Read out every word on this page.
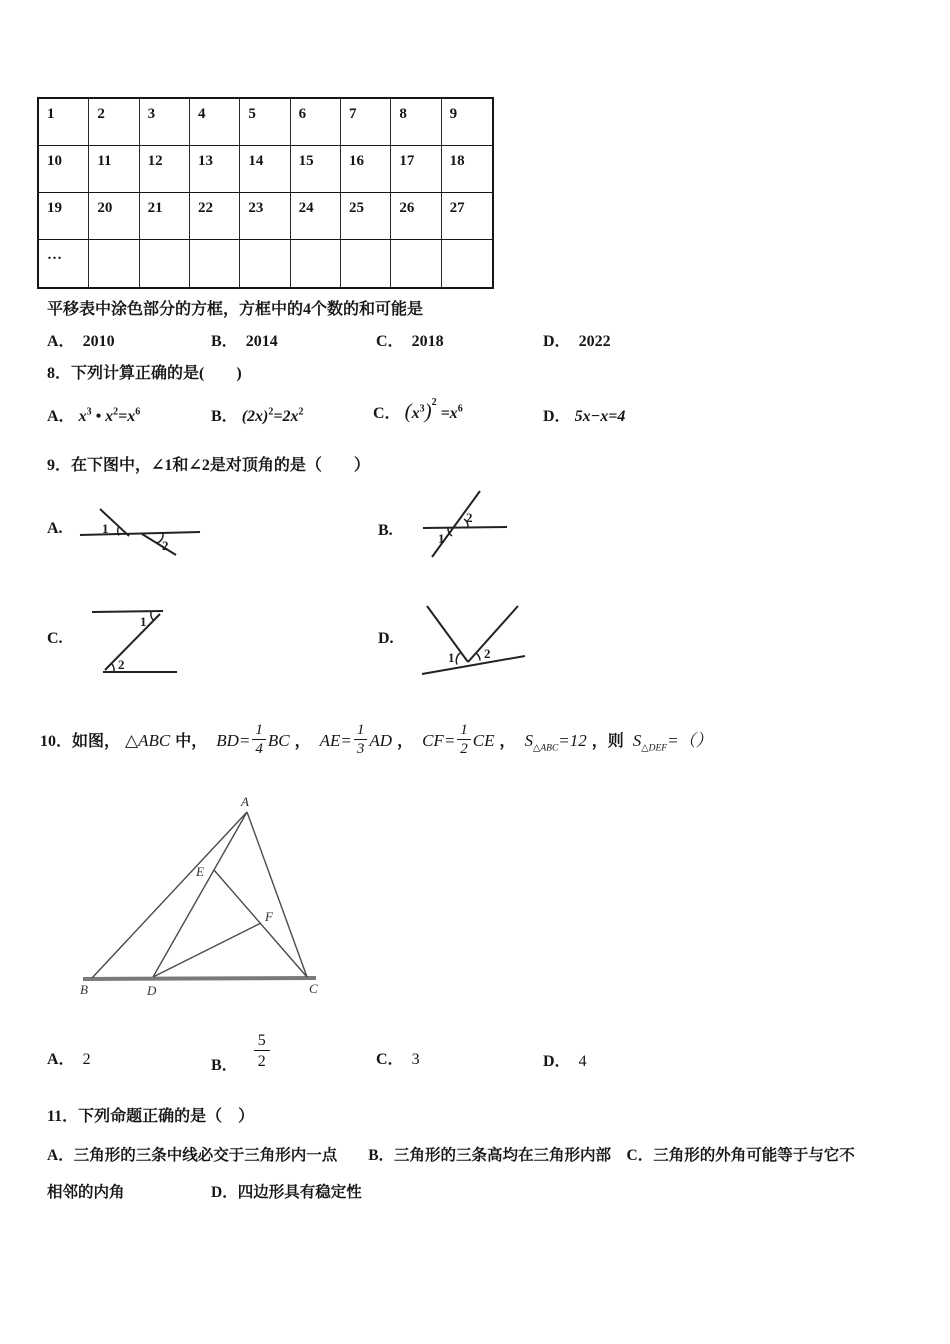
1	2	3	4	5	6	7	8	9
10	11	12	13	14	15	16	17	18
19	20	21	22	23	24	25	26	27
…
平移表中涂色部分的方框，方框中的4个数的和可能是
A． 2010	B． 2014	C． 2018	D． 2022
8．下列计算正确的是(　　)
A． $x^3$ • $x^2=x^6$	B． $(2x)^2=2x^2$	C． $(x^3)^2 =x^6$	D． 5x−x=4
9．在下图中，∠1和∠2是对顶角的是（　　）
A.	1
2
B.	1
2
C.
1
2
D.
1 2
10．如图， △ABC 中， $BD= \frac{1}{4}$ BC ， $AE= \frac{1}{3}$ AD ， $CF= \frac{1}{2}$ CE ， $S_{\triangle ABC}=12$ ，则 $S_{\triangle DEF}=()$
A
B	D	C
E
F
A． 2	B． $\frac{5}{2}$	C． 3	D． 4
11．下列命题正确的是（　）
A．三角形的三条中线必交于三角形内一点　　B．三角形的三条高均在三角形内部　C．三角形的外角可能等于与它不
相邻的内角	D．四边形具有稳定性
